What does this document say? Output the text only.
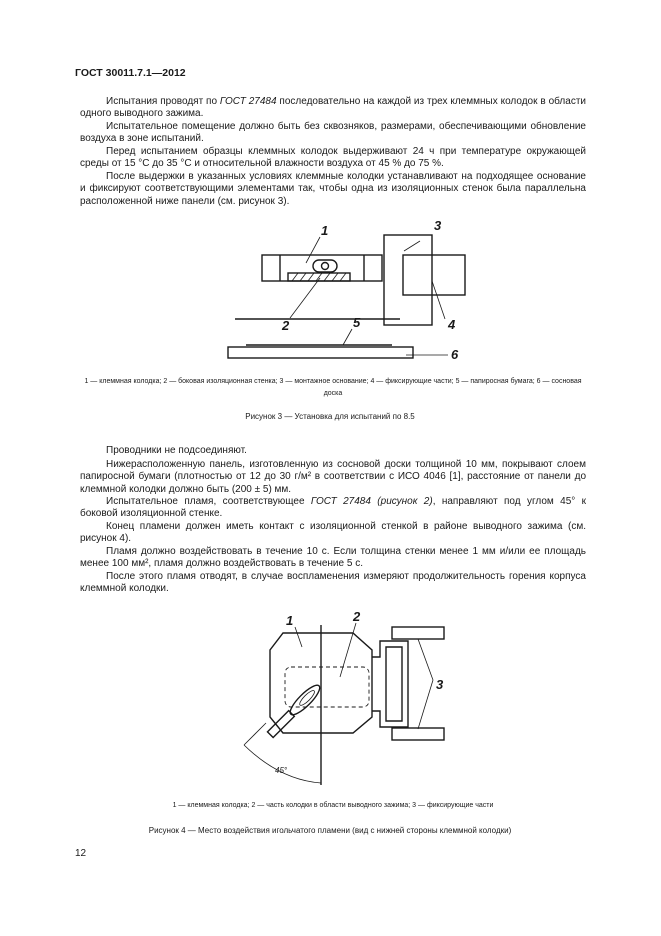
ГОСТ 30011.7.1—2012

Испытания проводят по ГОСТ 27484 последовательно на каждой из трех клеммных колодок в области одного выводного зажима.

Испытательное помещение должно быть без сквозняков, размерами, обеспечивающими обновление воздуха в зоне испытаний.

Перед испытанием образцы клеммных колодок выдерживают 24 ч при температуре окружающей среды от 15 °С до 35 °С и относительной влажности воздуха от 45 % до 75 %.

После выдержки в указанных условиях клеммные колодки устанавливают на подходящее основание и фиксируют соответствующими элементами так, чтобы одна из изоляционных стенок была параллельна расположенной ниже панели (см. рисунок 3).

1
2
3
4
5
6

1 — клеммная колодка; 2 — боковая изоляционная стенка; 3 — монтажное основание; 4 — фиксирующие части; 5 — папиросная бумага; 6 — сосновая доска

Рисунок 3 — Установка для испытаний по 8.5

Проводники не подсоединяют.

Нижерасположенную панель, изготовленную из сосновой доски толщиной 10 мм, покрывают слоем папиросной бумаги (плотностью от 12 до 30 г/м² в соответствии с ИСО 4046 [1], расстояние от панели до клеммной колодки должно быть (200 ± 5) мм.

Испытательное пламя, соответствующее ГОСТ 27484 (рисунок 2), направляют под углом 45° к боковой изоляционной стенке.

Конец пламени должен иметь контакт с изоляционной стенкой в районе выводного зажима (см. рисунок 4).

Пламя должно воздействовать в течение 10 с. Если толщина стенки менее 1 мм и/или ее площадь менее 100 мм², пламя должно воздействовать в течение 5 с.

После этого пламя отводят, в случае воспламенения измеряют продолжительность горения корпуса клеммной колодки.

45°
1	2
3

1 — клеммная колодка; 2 — часть колодки в области выводного зажима; 3 — фиксирующие части

Рисунок 4 — Место воздействия игольчатого пламени (вид с нижней стороны клеммной колодки)

12
